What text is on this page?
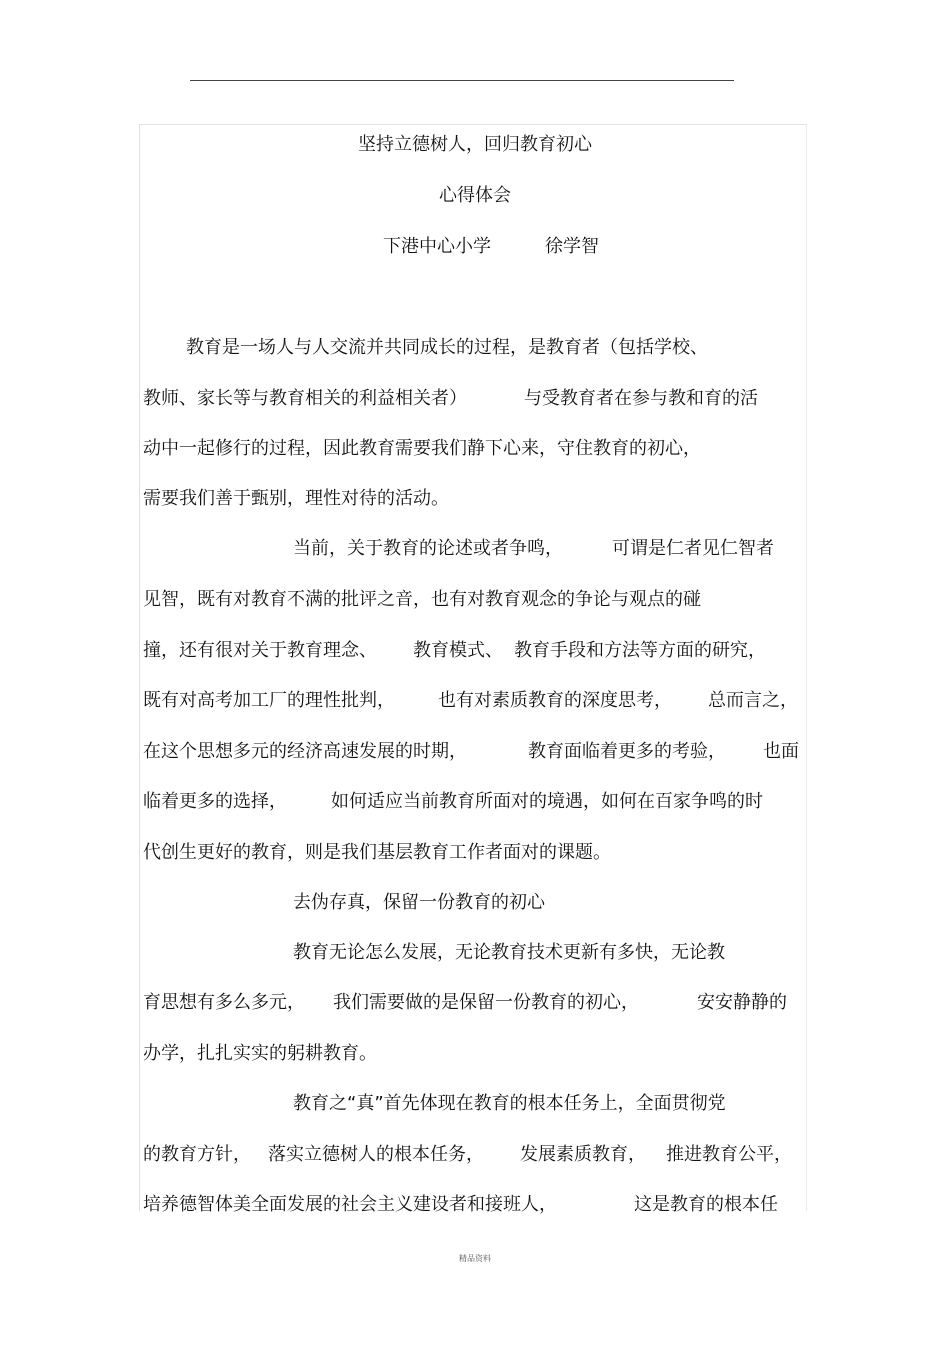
坚持立德树人，回归教育初心
心得体会
下港中心小学	徐学智
教育是一场人与人交流并共同成长的过程，是教育者（包括学校、
教师、家长等与教育相关的利益相关者）	与受教育者在参与教和育的活
动中一起修行的过程，因此教育需要我们静下心来，守住教育的初心，
需要我们善于甄别，理性对待的活动。
当前，关于教育的论述或者争鸣，	可谓是仁者见仁智者
见智，既有对教育不满的批评之音，也有对教育观念的争论与观点的碰
撞，还有很对关于教育理念、 教育模式、 教育手段和方法等方面的研究，
既有对高考加工厂的理性批判， 也有对素质教育的深度思考， 总而言之，
在这个思想多元的经济高速发展的时期，	教育面临着更多的考验， 也面
临着更多的选择， 如何适应当前教育所面对的境遇，如何在百家争鸣的时
代创生更好的教育，则是我们基层教育工作者面对的课题。
去伪存真，保留一份教育的初心
教育无论怎么发展，无论教育技术更新有多快，无论教
育思想有多么多元， 我们需要做的是保留一份教育的初心，	安安静静的
办学，扎扎实实的躬耕教育。
教育之“真”首先体现在教育的根本任务上，全面贯彻党
的教育方针， 落实立德树人的根本任务， 发展素质教育， 推进教育公平，
培养德智体美全面发展的社会主义建设者和接班人，	这是教育的根本任
精品资料
